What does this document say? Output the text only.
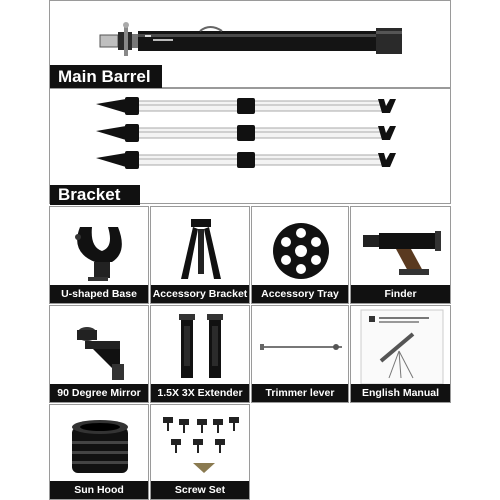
Main Barrel
Bracket
U-shaped Base	Accessory Bracket	Accessory Tray	Finder
90 Degree Mirror	1.5X 3X Extender	Trimmer lever	English Manual
Sun Hood	Screw Set
